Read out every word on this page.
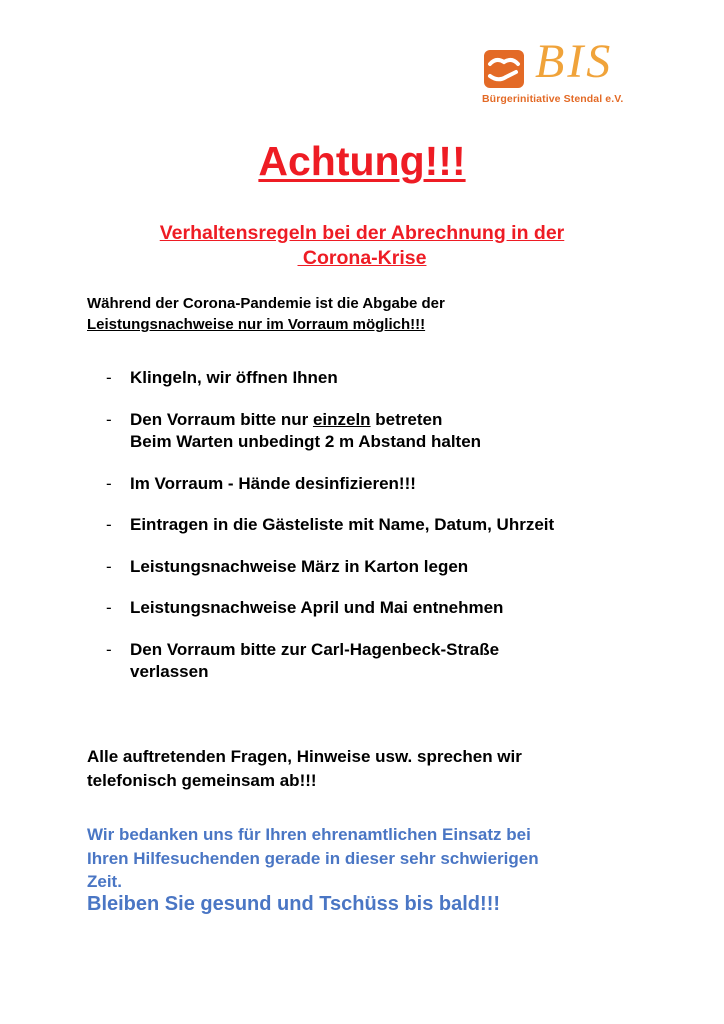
BIS
Bürgerinitiative Stendal e.V.
Achtung!!!
Verhaltensregeln bei der Abrechnung in der
Corona-Krise
Während der Corona-Pandemie ist die Abgabe der
Leistungsnachweise nur im Vorraum möglich!!!
- Klingeln, wir öffnen Ihnen
- Den Vorraum bitte nur einzeln betreten
Beim Warten unbedingt 2 m Abstand halten
- Im Vorraum - Hände desinfizieren!!!
- Eintragen in die Gästeliste mit Name, Datum, Uhrzeit
- Leistungsnachweise März in Karton legen
- Leistungsnachweise April und Mai entnehmen
- Den Vorraum bitte zur Carl-Hagenbeck-Straße
verlassen
Alle auftretenden Fragen, Hinweise usw. sprechen wir
telefonisch gemeinsam ab!!!
Wir bedanken uns für Ihren ehrenamtlichen Einsatz bei
Ihren Hilfesuchenden gerade in dieser sehr schwierigen
Zeit.
Bleiben Sie gesund und Tschüss bis bald!!!
